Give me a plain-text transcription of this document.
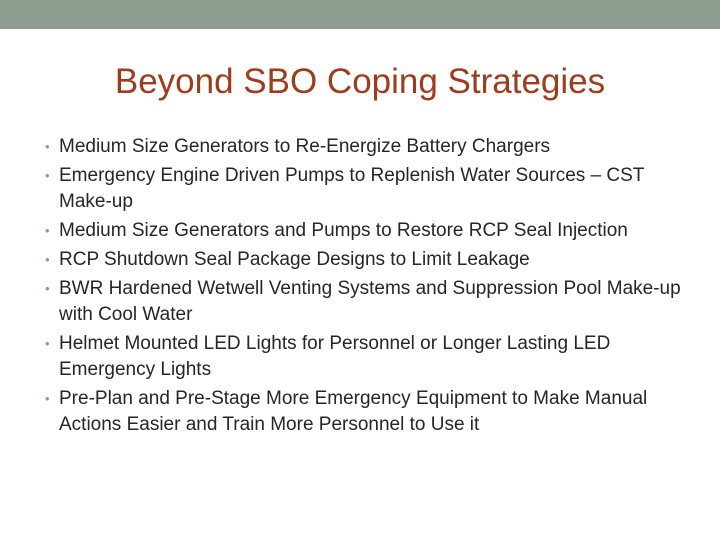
Beyond SBO Coping Strategies
• Medium Size Generators to Re-Energize Battery Chargers
• Emergency Engine Driven Pumps to Replenish Water Sources – CST Make-up
• Medium Size Generators and Pumps to Restore RCP Seal Injection
• RCP Shutdown Seal Package Designs to Limit Leakage
• BWR Hardened Wetwell Venting Systems and Suppression Pool Make-up with Cool Water
• Helmet Mounted LED Lights for Personnel or Longer Lasting LED Emergency Lights
• Pre-Plan and Pre-Stage More Emergency Equipment to Make Manual Actions Easier and Train More Personnel to Use it
